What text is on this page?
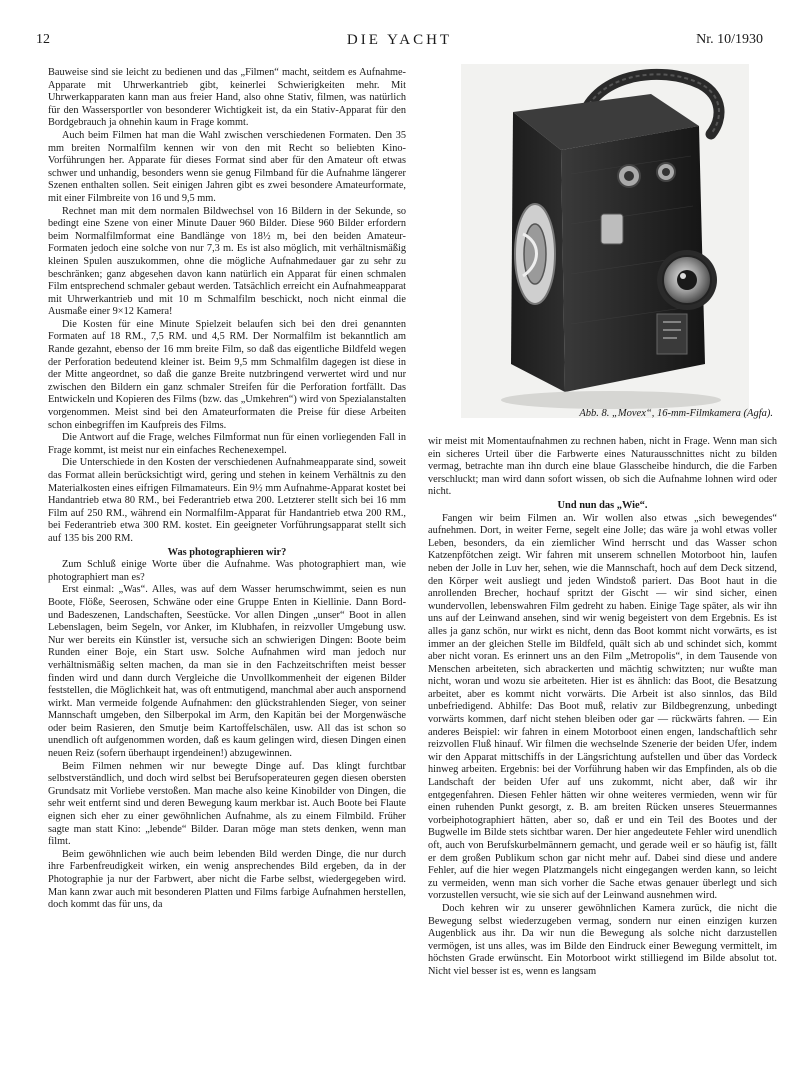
12	DIE YACHT	Nr. 10/1930
Abb. 8. „Movex“, 16-mm-Filmkamera (Agfa).

Bauweise sind sie leicht zu bedienen und das „Filmen“ macht, seitdem es Aufnahme-Apparate mit Uhrwerkantrieb gibt, keinerlei Schwierigkeiten mehr. Mit Uhrwerkapparaten kann man aus freier Hand, also ohne Stativ, filmen, was natürlich für den Wassersportler von besonderer Wichtigkeit ist, da ein Stativ-Apparat für den Bordgebrauch ja ohnehin kaum in Frage kommt.

Auch beim Filmen hat man die Wahl zwischen verschiedenen Formaten. Den 35 mm breiten Normalfilm kennen wir von den mit Recht so beliebten Kino-Vorführungen her. Apparate für dieses Format sind aber für den Amateur oft etwas schwer und unhandig, besonders wenn sie genug Filmband für die Aufnahme längerer Szenen enthalten sollen. Seit einigen Jahren gibt es zwei besondere Amateurformate, mit einer Filmbreite von 16 und 9,5 mm.

Rechnet man mit dem normalen Bildwechsel von 16 Bildern in der Sekunde, so bedingt eine Szene von einer Minute Dauer 960 Bilder. Diese 960 Bilder erfordern beim Normalfilmformat eine Bandlänge von 18½ m, bei den beiden Amateur-Formaten jedoch eine solche von nur 7,3 m. Es ist also möglich, mit verhältnismäßig kleinen Spulen auszukommen, ohne die mögliche Aufnahmedauer gar zu sehr zu beschränken; ganz abgesehen davon kann natürlich ein Apparat für einen schmalen Film entsprechend schmaler gebaut werden. Tatsächlich erreicht ein Aufnahmeapparat mit Uhrwerkantrieb und mit 10 m Schmalfilm beschickt, noch nicht einmal die Ausmaße einer 9×12 Kamera!

Die Kosten für eine Minute Spielzeit belaufen sich bei den drei genannten Formaten auf 18 RM., 7,5 RM. und 4,5 RM. Der Normalfilm ist bekanntlich am Rande gezahnt, ebenso der 16 mm breite Film, so daß das eigentliche Bildfeld wegen der Perforation bedeutend kleiner ist. Beim 9,5 mm Schmalfilm dagegen ist diese in der Mitte angeordnet, so daß die ganze Breite nutzbringend verwertet wird und nur zwischen den Bildern ein ganz schmaler Streifen für die Perforation fortfällt. Das Entwickeln und Kopieren des Films (bzw. das „Umkehren“) wird von Spezialanstalten vorgenommen. Meist sind bei den Amateurformaten die Preise für diese Arbeiten schon einbegriffen im Kaufpreis des Films.

Die Antwort auf die Frage, welches Filmformat nun für einen vorliegenden Fall in Frage kommt, ist meist nur ein einfaches Rechenexempel.

Die Unterschiede in den Kosten der verschiedenen Aufnahmeapparate sind, soweit das Format allein berücksichtigt wird, gering und stehen in keinem Verhältnis zu den Materialkosten eines eifrigen Filmamateurs. Ein 9½ mm Aufnahme-Apparat kostet bei Handantrieb etwa 80 RM., bei Federantrieb etwa 200. Letzterer stellt sich bei 16 mm Film auf 250 RM., während ein Normalfilm-Apparat für Handantrieb etwa 200 RM., bei Federantrieb etwa 300 RM. kostet. Ein geeigneter Vorführungsapparat stellt sich auf 135 bis 200 RM.

Was photographieren wir?

Zum Schluß einige Worte über die Aufnahme. Was photographiert man, wie photographiert man es?

Erst einmal: „Was“. Alles, was auf dem Wasser herumschwimmt, seien es nun Boote, Flöße, Seerosen, Schwäne oder eine Gruppe Enten in Kiellinie. Dann Bord- und Badeszenen, Landschaften, Seestücke. Vor allen Dingen „unser“ Boot in allen Lebenslagen, beim Segeln, vor Anker, im Klubhafen, in reizvoller Umgebung usw. Nur wer bereits ein Künstler ist, versuche sich an schwierigen Dingen: Boote beim Runden einer Boje, ein Start usw. Solche Aufnahmen wird man jedoch nur verhältnismäßig selten machen, da man sie in den Fachzeitschriften meist besser finden wird und dann durch Vergleiche die Unvollkommenheit der eigenen Bilder feststellen, die Möglichkeit hat, was oft entmutigend, manchmal aber auch anspornend wirkt. Man vermeide folgende Aufnahmen: den glückstrahlenden Sieger, von seiner Mannschaft umgeben, den Silberpokal im Arm, den Kapitän bei der Morgenwäsche oder beim Rasieren, den Smutje beim Kartoffelschälen, usw. All das ist schon so unendlich oft aufgenommen worden, daß es kaum gelingen wird, diesen Dingen einen neuen Reiz (sofern überhaupt irgendeinen!) abzugewinnen.

Beim Filmen nehmen wir nur bewegte Dinge auf. Das klingt furchtbar selbstverständlich, und doch wird selbst bei Berufsoperateuren gegen diesen obersten Grundsatz mit Vorliebe verstoßen. Man mache also keine Kinobilder von Dingen, die sehr weit entfernt sind und deren Bewegung kaum merkbar ist. Auch Boote bei Flaute eignen sich eher zu einer gewöhnlichen Aufnahme, als zu einem Filmbild. Früher sagte man statt Kino: „lebende“ Bilder. Daran möge man stets denken, wenn man filmt.

Beim gewöhnlichen wie auch beim lebenden Bild werden Dinge, die nur durch ihre Farbenfreudigkeit wirken, ein wenig ansprechendes Bild ergeben, da in der Photographie ja nur der Farbwert, aber nicht die Farbe selbst, wiedergegeben wird. Man kann zwar auch mit besonderen Platten und Films farbige Aufnahmen herstellen, doch kommt das für uns, da

wir meist mit Momentaufnahmen zu rechnen haben, nicht in Frage. Wenn man sich ein sicheres Urteil über die Farbwerte eines Naturausschnittes nicht zu bilden vermag, betrachte man ihn durch eine blaue Glasscheibe hindurch, die die Farben verschluckt; man wird dann sofort wissen, ob sich die Aufnahme lohnen wird oder nicht.

Und nun das „Wie“.

Fangen wir beim Filmen an. Wir wollen also etwas „sich bewegendes“ aufnehmen. Dort, in weiter Ferne, segelt eine Jolle; das wäre ja wohl etwas voller Leben, besonders, da ein ziemlicher Wind herrscht und das Wasser schon Katzenpfötchen zeigt. Wir fahren mit unserem schnellen Motorboot hin, laufen neben der Jolle in Luv her, sehen, wie die Mannschaft, hoch auf dem Deck sitzend, den Körper weit ausliegt und jeden Windstoß pariert. Das Boot haut in die anrollenden Brecher, hochauf spritzt der Gischt — wir sind sicher, einen wundervollen, lebenswahren Film gedreht zu haben. Einige Tage später, als wir ihn uns auf der Leinwand ansehen, sind wir wenig begeistert von dem Ergebnis. Es ist alles ja ganz schön, nur wirkt es nicht, denn das Boot kommt nicht vorwärts, es ist immer an der gleichen Stelle im Bildfeld, quält sich ab und schindet sich, kommt aber nicht voran. Es erinnert uns an den Film „Metropolis“, in dem Tausende von Menschen arbeiteten, sich abrackerten und mächtig schwitzten; nur wußte man nicht, woran und wozu sie arbeiteten. Hier ist es ähnlich: das Boot, die Besatzung arbeitet, aber es kommt nicht vorwärts. Die Arbeit ist also sinnlos, das Bild unbefriedigend. Abhilfe: Das Boot muß, relativ zur Bildbegrenzung, unbedingt vorwärts kommen, darf nicht stehen bleiben oder gar — rückwärts fahren. — Ein anderes Beispiel: wir fahren in einem Motorboot einen engen, landschaftlich sehr reizvollen Fluß hinauf. Wir filmen die wechselnde Szenerie der beiden Ufer, indem wir den Apparat mittschiffs in der Längsrichtung aufstellen und über das Vordeck hinweg arbeiten. Ergebnis: bei der Vorführung haben wir das Empfinden, als ob die Landschaft der beiden Ufer auf uns zukommt, nicht aber, daß wir ihr entgegenfahren. Diesen Fehler hätten wir ohne weiteres vermieden, wenn wir für einen ruhenden Punkt gesorgt, z. B. am breiten Rücken unseres Steuermannes vorbeiphotographiert hätten, aber so, daß er und ein Teil des Bootes und der Bugwelle im Bilde stets sichtbar waren. Der hier angedeutete Fehler wird unendlich oft, auch von Berufskurbelmännern gemacht, und gerade weil er so häufig ist, fällt er dem großen Publikum schon gar nicht mehr auf. Dabei sind diese und andere Fehler, auf die hier wegen Platzmangels nicht eingegangen werden kann, so leicht zu vermeiden, wenn man sich vorher die Sache etwas genauer überlegt und sich vorzustellen versucht, wie sie sich auf der Leinwand ausnehmen wird.

Doch kehren wir zu unserer gewöhnlichen Kamera zurück, die nicht die Bewegung selbst wiederzugeben vermag, sondern nur einen einzigen kurzen Augenblick aus ihr. Da wir nun die Bewegung als solche nicht darzustellen vermögen, ist uns alles, was im Bilde den Eindruck einer Bewegung vermittelt, im höchsten Grade erwünscht. Ein Motorboot wirkt stilliegend im Bilde absolut tot. Nicht viel besser ist es, wenn es langsam
